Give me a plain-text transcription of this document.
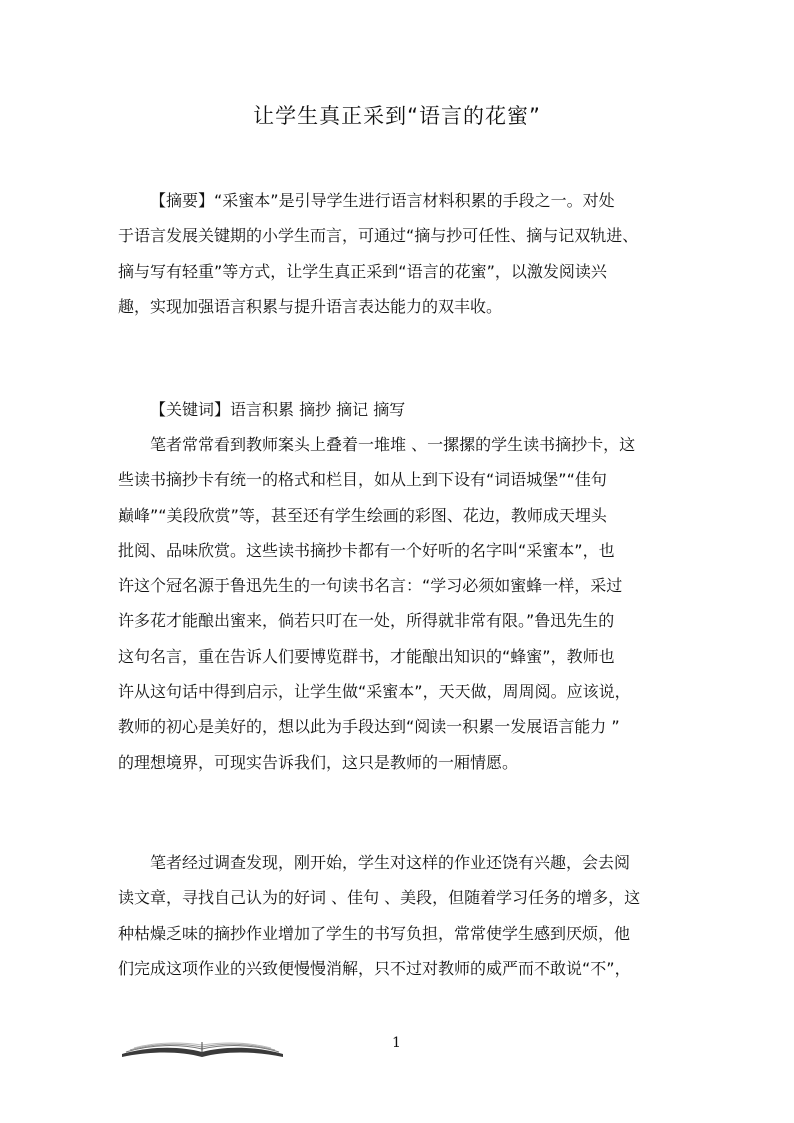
让学生真正采到“语言的花蜜”
【摘要】“采蜜本”是引导学生进行语言材料积累的手段之一。对处
于语言发展关键期的小学生而言，可通过“摘与抄可任性、摘与记双轨进、
摘与写有轻重”等方式，让学生真正采到“语言的花蜜”，以激发阅读兴
趣，实现加强语言积累与提升语言表达能力的双丰收。
【关键词】语言积累 摘抄 摘记 摘写
笔者常常看到教师案头上叠着一堆堆 、一摞摞的学生读书摘抄卡，这
些读书摘抄卡有统一的格式和栏目，如从上到下设有“词语城堡”“佳句
巅峰”“美段欣赏”等，甚至还有学生绘画的彩图、花边，教师成天埋头
批阅、品味欣赏。这些读书摘抄卡都有一个好听的名字叫“采蜜本”，也
许这个冠名源于鲁迅先生的一句读书名言：“学习必须如蜜蜂一样，采过
许多花才能酿出蜜来，倘若只叮在一处，所得就非常有限。”鲁迅先生的
这句名言，重在告诉人们要博览群书，才能酿出知识的“蜂蜜”，教师也
许从这句话中得到启示，让学生做“采蜜本”，天天做，周周阅。应该说，
教师的初心是美好的，想以此为手段达到“阅读一积累一发展语言能力 ”
的理想境界，可现实告诉我们，这只是教师的一厢情愿。
笔者经过调查发现，刚开始，学生对这样的作业还饶有兴趣，会去阅
读文章，寻找自己认为的好词 、佳句 、美段，但随着学习任务的增多，这
种枯燥乏味的摘抄作业增加了学生的书写负担，常常使学生感到厌烦，他
们完成这项作业的兴致便慢慢消解，只不过对教师的威严而不敢说“不”，
1
